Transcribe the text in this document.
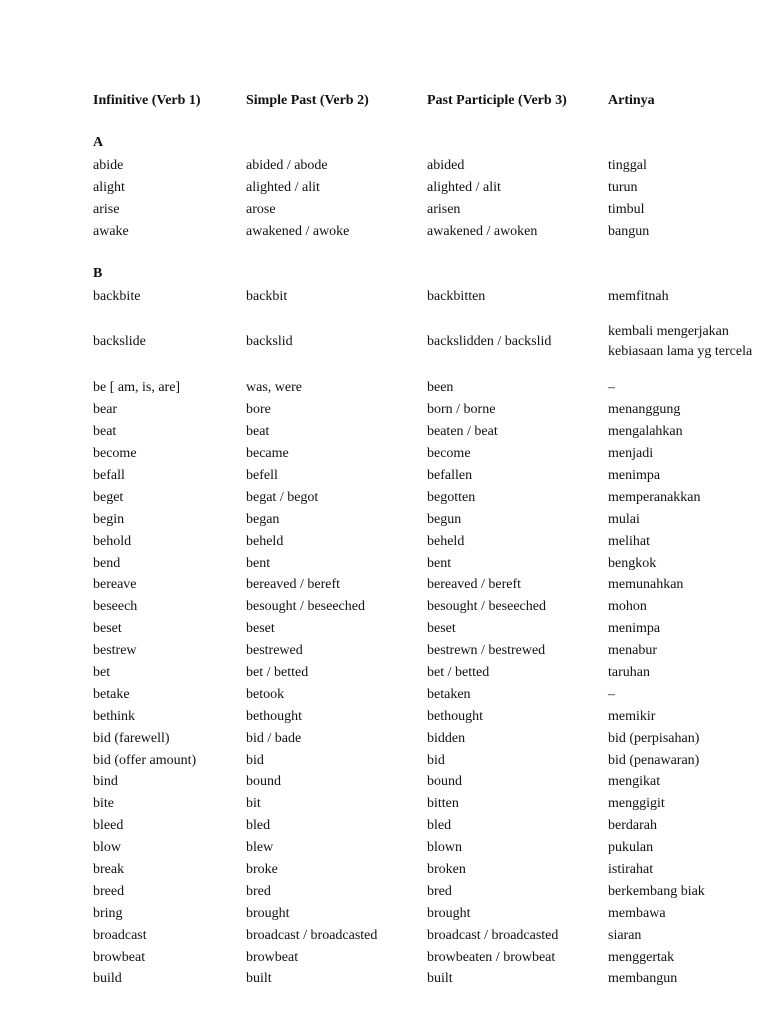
Infinitive (Verb 1)	Simple Past (Verb 2)	Past Participle (Verb 3)	Artinya

A			
abide	abided / abode	abided	tinggal
alight	alighted / alit	alighted / alit	turun
arise	arose	arisen	timbul
awake	awakened / awoke	awakened / awoken	bangun

B			
backbite	backbit	backbitten	memfitnah
backslide	backslid	backslidden / backslid	kembali mengerjakan kebiasaan lama yg tercela
be [ am, is, are]	was, were	been	–
bear	bore	born / borne	menanggung
beat	beat	beaten / beat	mengalahkan
become	became	become	menjadi
befall	befell	befallen	menimpa
beget	begat / begot	begotten	memperanakkan
begin	began	begun	mulai
behold	beheld	beheld	melihat
bend	bent	bent	bengkok
bereave	bereaved / bereft	bereaved / bereft	memunahkan
beseech	besought / beseeched	besought / beseeched	mohon
beset	beset	beset	menimpa
bestrew	bestrewed	bestrewn / bestrewed	menabur
bet	bet / betted	bet / betted	taruhan
betake	betook	betaken	–
bethink	bethought	bethought	memikir
bid (farewell)	bid / bade	bidden	bid (perpisahan)
bid (offer amount)	bid	bid	bid (penawaran)
bind	bound	bound	mengikat
bite	bit	bitten	menggigit
bleed	bled	bled	berdarah
blow	blew	blown	pukulan
break	broke	broken	istirahat
breed	bred	bred	berkembang biak
bring	brought	brought	membawa
broadcast	broadcast / broadcasted	broadcast / broadcasted	siaran
browbeat	browbeat	browbeaten / browbeat	menggertak
build	built	built	membangun
